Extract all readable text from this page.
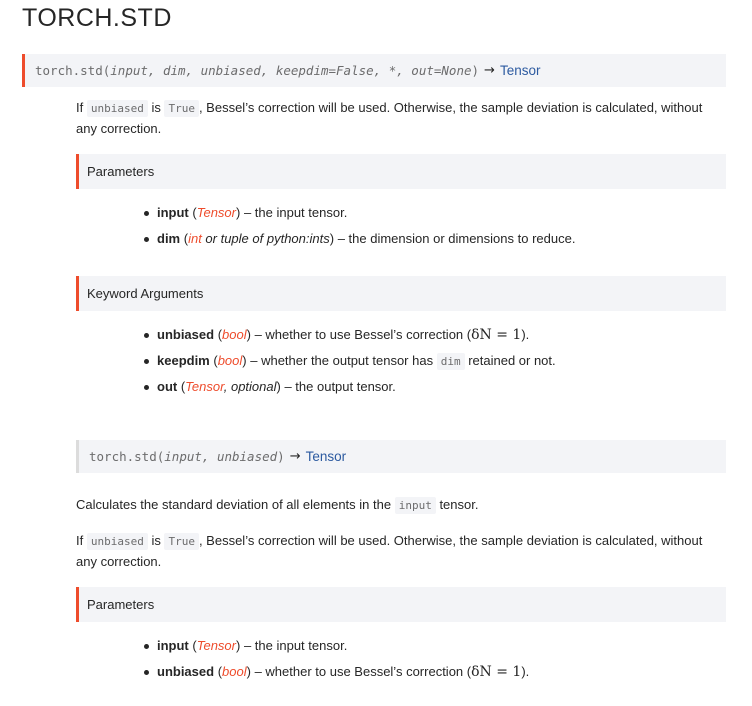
TORCH.STD
torch.std ( input, dim, unbiased, keepdim=False, *, out=None ) → Tensor

If unbiased is True , Bessel’s correction will be used. Otherwise, the sample deviation is calculated, without any correction.

Parameters
input (Tensor) – the input tensor.
dim (int or tuple of python:ints) – the dimension or dimensions to reduce.
Keyword Arguments
unbiased (bool) – whether to use Bessel’s correction (δN = 1).
keepdim (bool) – whether the output tensor has dim retained or not.
out (Tensor, optional) – the output tensor.
torch.std ( input, unbiased ) → Tensor

Calculates the standard deviation of all elements in the input tensor.

If unbiased is True , Bessel’s correction will be used. Otherwise, the sample deviation is calculated, without any correction.

Parameters
input (Tensor) – the input tensor.
unbiased (bool) – whether to use Bessel’s correction (δN = 1).
